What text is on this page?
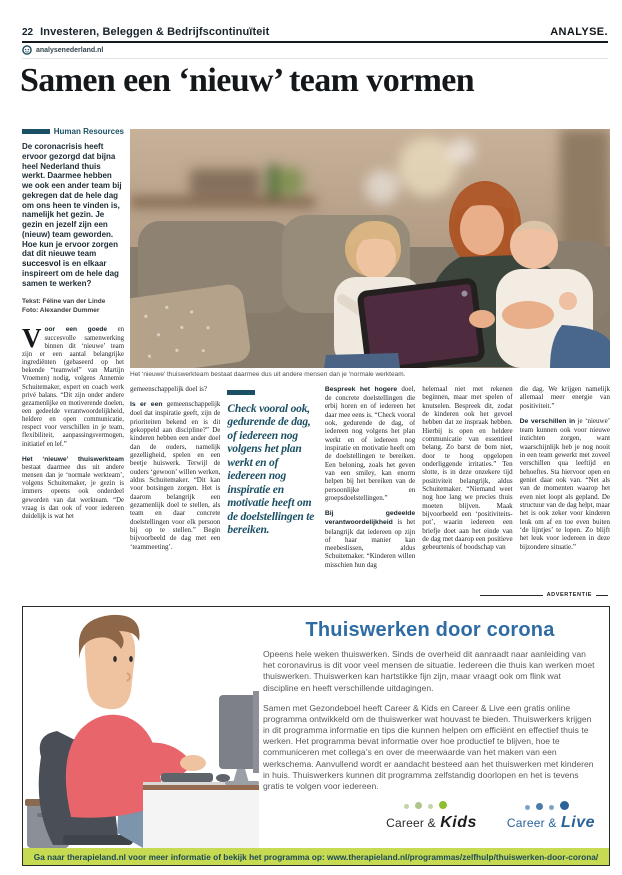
22 Investeren, Beleggen & Bedrijfscontinuïteit	ANALYSE.
analysenederland.nl
Samen een ‘nieuw’ team vormen
Human Resources

De coronacrisis heeft ervoor gezorgd dat bijna heel Nederland thuis werkt. Daarmee hebben we ook een ander team bij gekregen dat de hele dag om ons heen te vinden is, namelijk het gezin. Je gezin en jezelf zijn een (nieuw) team geworden. Hoe kun je ervoor zorgen dat dit nieuwe team succesvol is en elkaar inspireert om de hele dag samen te werken?

Tekst: Féline van der Linde
Foto: Alexander Dummer

Voor een goede en succesvolle samenwerking binnen dit ‘nieuwe’ team zijn er een aantal belangrijke ingrediënten (gebaseerd op het bekende “teamwiel” van Martijn Vroemen) nodig, volgens Annemie Schuitemaker, expert en coach werk privé balans. “Dit zijn onder andere gezamenlijke en motiverende doelen, een gedeelde verantwoordelijkheid, heldere en open communicatie, respect voor verschillen in je team, flexibiliteit, aanpassingsvermogen, initiatief en lef.”

Het ‘nieuwe’ thuiswerkteam bestaat daarmee dus uit andere mensen dan je ‘normale werkteam’, volgens Schuitemaker, je gezin is immers opeens ook onderdeel geworden van dat werkteam. “De vraag is dan ook of voor iedereen duidelijk is wat het

Het ‘nieuwe’ thuiswerkteam bestaat daarmee dus uit andere mensen dan je ‘normale werkteam.

gemeenschappelijk doel is?

Is er een gemeenschappelijk doel dat inspiratie geeft, zijn de prioriteiten bekend en is dit gekoppeld aan discipline?” De kinderen hebben een ander doel dan de ouders, namelijk gezelligheid, spelen en een beetje huiswerk. Terwijl de ouders ‘gewoon’ willen werken, aldus Schuitemaker. “Dit kan voor botsingen zorgen. Het is daarom belangrijk een gezamenlijk doel te stellen, als team en daar concrete doelstellingen voor elk persoon bij op te stellen.” Begin bijvoorbeeld de dag met een ‘teammeeting’.

Check vooral ook, gedurende de dag, of iedereen nog volgens het plan werkt en of iedereen nog inspiratie en motivatie heeft om de doelstellingen te bereiken.

Bespreek het hogere doel, de concrete doelstellingen die erbij horen en of iedereen het daar mee eens is. “Check vooral ook, gedurende de dag, of iedereen nog volgens het plan werkt en of iedereen nog inspiratie en motivatie heeft om de doelstellingen te bereiken. Een beloning, zoals het geven van een smiley, kan enorm helpen bij het bereiken van de persoonlijke en groepsdoelstellingen.”

Bij gedeelde verantwoordelijkheid is het belangrijk dat iedereen op zijn of haar manier kan meebeslissen, aldus Schuitemaker. “Kinderen willen misschien hun dag

helemaal niet met rekenen beginnen, maar met spelen of knutselen. Bespreek dit, zodat de kinderen ook het gevoel hebben dat ze inspraak hebben. Hierbij is open en heldere communicatie van essentieel belang. Zo barst de bom niet, door te hoog opgelopen onderliggende irritaties.” Ten slotte, is in deze onzekere tijd positiviteit belangrijk, aldus Schuitemaker. “Niemand weet nog hoe lang we precies thuis moeten blijven. Maak bijvoorbeeld een ‘positiviteits-pot’, waarin iedereen een briefje doet aan het einde van de dag met daarop een positieve gebeurtenis of boodschap van

die dag. We krijgen namelijk allemaal meer energie van positiviteit.”

De verschillen in je ‘nieuwe’ team kunnen ook voor nieuwe inzichten zorgen, want waarschijnlijk heb je nog nooit in een team gewerkt met zoveel verschillen qua leeftijd en behoeftes. Sta hiervoor open en geniet daar ook van. “Net als van de momenten waarop het even niet loopt als gepland. De structuur van de dag helpt, maar het is ook zeker voor kinderen leuk om af en toe even buiten ‘de lijntjes’ te lopen. Zo blijft het leuk voor iedereen in deze bijzondere situatie.”

ADVERTENTIE
Thuiswerken door corona

Opeens hele weken thuiswerken. Sinds de overheid dit aanraadt naar aanleiding van het coronavirus is dit voor veel mensen de situatie. Iedereen die thuis kan werken moet thuiswerken. Thuiswerken kan hartstikke fijn zijn, maar vraagt ook om flink wat discipline en heeft verschillende uitdagingen.

Samen met Gezondeboel heeft Career & Kids en Career & Live een gratis online programma ontwikkeld om de thuiswerker wat houvast te bieden. Thuiswerkers krijgen in dit programma informatie en tips die kunnen helpen om efficiënt en effectief thuis te werken. Het programma bevat informatie over hoe productief te blijven, hoe te communiceren met collega’s en over de meerwaarde van het maken van een werkschema. Aanvullend wordt er aandacht besteed aan het thuiswerken met kinderen in huis. Thuiswerkers kunnen dit programma zelfstandig doorlopen en het is tevens gratis te volgen voor iedereen.

Career & Kids	Career & Live
Ga naar therapieland.nl voor meer informatie of bekijk het programma op: www.therapieland.nl/programmas/zelfhulp/thuiswerken-door-corona/
